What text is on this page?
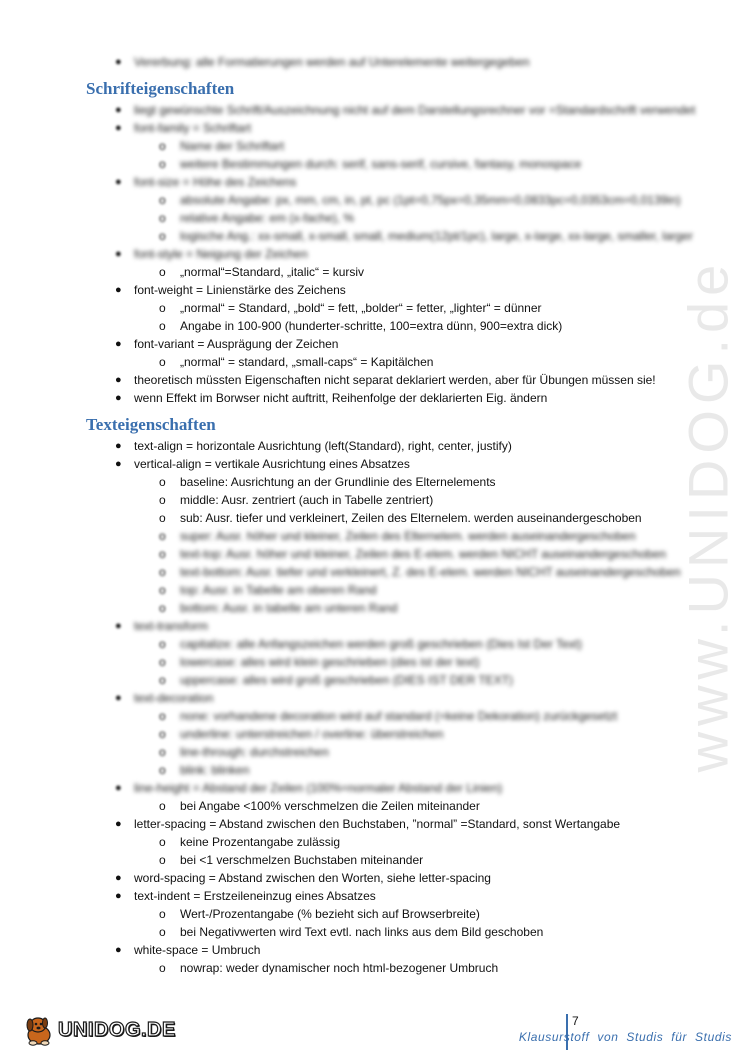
www.UNIDOG.de
● Vererbung: alle Formatierungen werden auf Unterelemente weitergegeben
Schrifteigenschaften
● liegt gewünschte Schrift/Auszeichnung nicht auf dem Darstellungsrechner vor =Standardschrift verwendet
● font-family = Schriftart
o Name der Schriftart
o weitere Bestimmungen durch: serif, sans-serif, cursive, fantasy, monospace
● font-size = Höhe des Zeichens
o absolute Angabe: px, mm, cm, in, pt, pc (1pt=0,75px=0,35mm=0,0833pc=0,0353cm=0,0139in)
o relative Angabe: em (x-fache), %
o logische Ang.: xx-small, x-small, small, medium(12pt/1pc), large, x-large, xx-large, smaller, larger
● font-style = Neigung der Zeichen
o „normal“=Standard, „italic“ = kursiv
● font-weight = Linienstärke des Zeichens
o „normal“ = Standard, „bold“ = fett, „bolder“ = fetter, „lighter“ = dünner
o Angabe in 100-900 (hunderter-schritte, 100=extra dünn, 900=extra dick)
● font-variant = Ausprägung der Zeichen
o „normal“ = standard, „small-caps“ = Kapitälchen
● theoretisch müssten Eigenschaften nicht separat deklariert werden, aber für Übungen müssen sie!
● wenn Effekt im Borwser nicht auftritt, Reihenfolge der deklarierten Eig. ändern
Texteigenschaften
● text-align = horizontale Ausrichtung (left(Standard), right, center, justify)
● vertical-align = vertikale Ausrichtung eines Absatzes
o baseline: Ausrichtung an der Grundlinie des Elternelements
o middle: Ausr. zentriert (auch in Tabelle zentriert)
o sub: Ausr. tiefer und verkleinert, Zeilen des Elternelem. werden auseinandergeschoben
o super: Ausr. höher und kleiner, Zeilen des Elternelem. werden auseinandergeschoben
o text-top: Ausr. höher und kleiner, Zeilen des E-elem. werden NICHT auseinandergeschoben
o text-bottom: Ausr. tiefer und verkleinert, Z. des E-elem. werden NICHT auseinandergeschoben
o top: Ausr. in Tabelle am oberen Rand
o bottom: Ausr. in tabelle am unteren Rand
● text-transform
o capitalize: alle Anfangszeichen werden groß geschrieben (Dies Ist Der Text)
o lowercase: alles wird klein geschrieben (dies ist der text)
o uppercase: alles wird groß geschrieben (DIES IST DER TEXT)
● text-decoration
o none: vorhandene decoration wird auf standard (=keine Dekoration) zurückgesetzt
o underline: unterstreichen / overline: überstreichen
o line-through: durchstreichen
o blink: blinken
● line-height = Abstand der Zeilen (100%=normaler Abstand der Linien)
o bei Angabe <100% verschmelzen die Zeilen miteinander
● letter-spacing = Abstand zwischen den Buchstaben, ”normal” =Standard, sonst Wertangabe
o keine Prozentangabe zulässig
o bei <1 verschmelzen Buchstaben miteinander
● word-spacing = Abstand zwischen den Worten, siehe letter-spacing
● text-indent = Erstzeileneinzug eines Absatzes
o Wert-/Prozentangabe (% bezieht sich auf Browserbreite)
o bei Negativwerten wird Text evtl. nach links aus dem Bild geschoben
● white-space = Umbruch
o nowrap: weder dynamischer noch html-bezogener Umbruch
UNIDOG.DE	7
Klausurstoff von Studis für Studis
